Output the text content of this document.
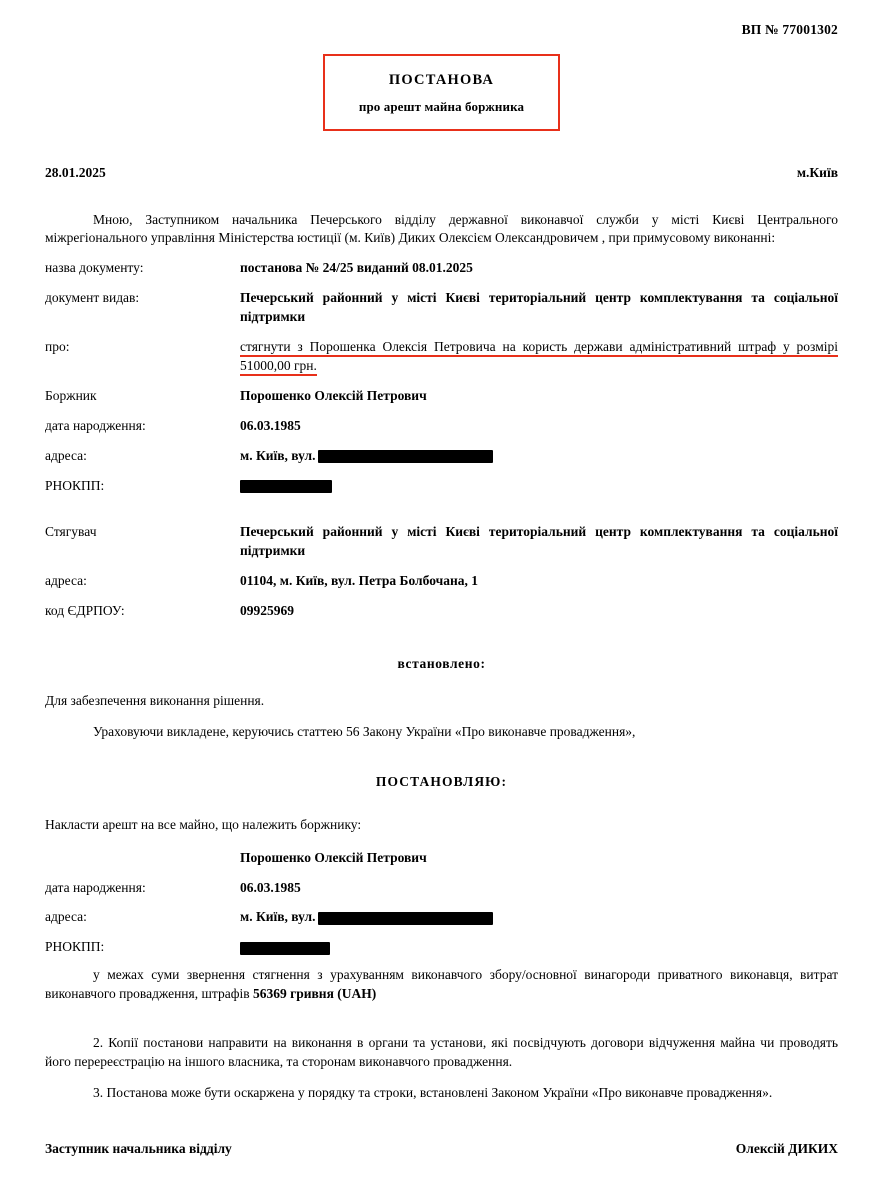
ВП № 77001302
ПОСТАНОВА
про арешт майна боржника
28.01.2025	м.Київ

Мною, Заступником начальника Печерського відділу державної виконавчої служби у місті Києві Центрального міжрегіонального управління Міністерства юстиції (м. Київ) Диких Олексієм Олександровичем , при примусовому виконанні:

назва документу:	постанова № 24/25 виданий 08.01.2025
документ видав:	Печерський районний у місті Києві територіальний центр комплектування та соціальної підтримки
про:	стягнути з Порошенка Олексія Петровича на користь держави адміністративний штраф у розмірі 51000,00 грн.
Боржник	Порошенко Олексій Петрович
дата народження:	06.03.1985
адреса:	м. Київ, вул.
РНОКПП:	
Стягувач	Печерський районний у місті Києві територіальний центр комплектування та соціальної підтримки
адреса:	01104, м. Київ, вул. Петра Болбочана, 1
код ЄДРПОУ:	09925969
встановлено:

Для забезпечення виконання рішення.

Ураховуючи викладене, керуючись статтею 56 Закону України «Про виконавче провадження»,

ПОСТАНОВЛЯЮ:

Накласти арешт на все майно, що належить боржнику:

	Порошенко Олексій Петрович
дата народження:	06.03.1985
адреса:	м. Київ, вул.
РНОКПП:	

у межах суми звернення стягнення з урахуванням виконавчого збору/основної винагороди приватного виконавця, витрат виконавчого провадження, штрафів 56369 гривня (UAH)

2. Копії постанови направити на виконання в органи та установи, які посвідчують договори відчуження майна чи проводять його перереєстрацію на іншого власника, та сторонам виконавчого провадження.

3. Постанова може бути оскаржена у порядку та строки, встановлені Законом України «Про виконавче провадження».

Заступник начальника відділу	Олексій ДИКИХ
